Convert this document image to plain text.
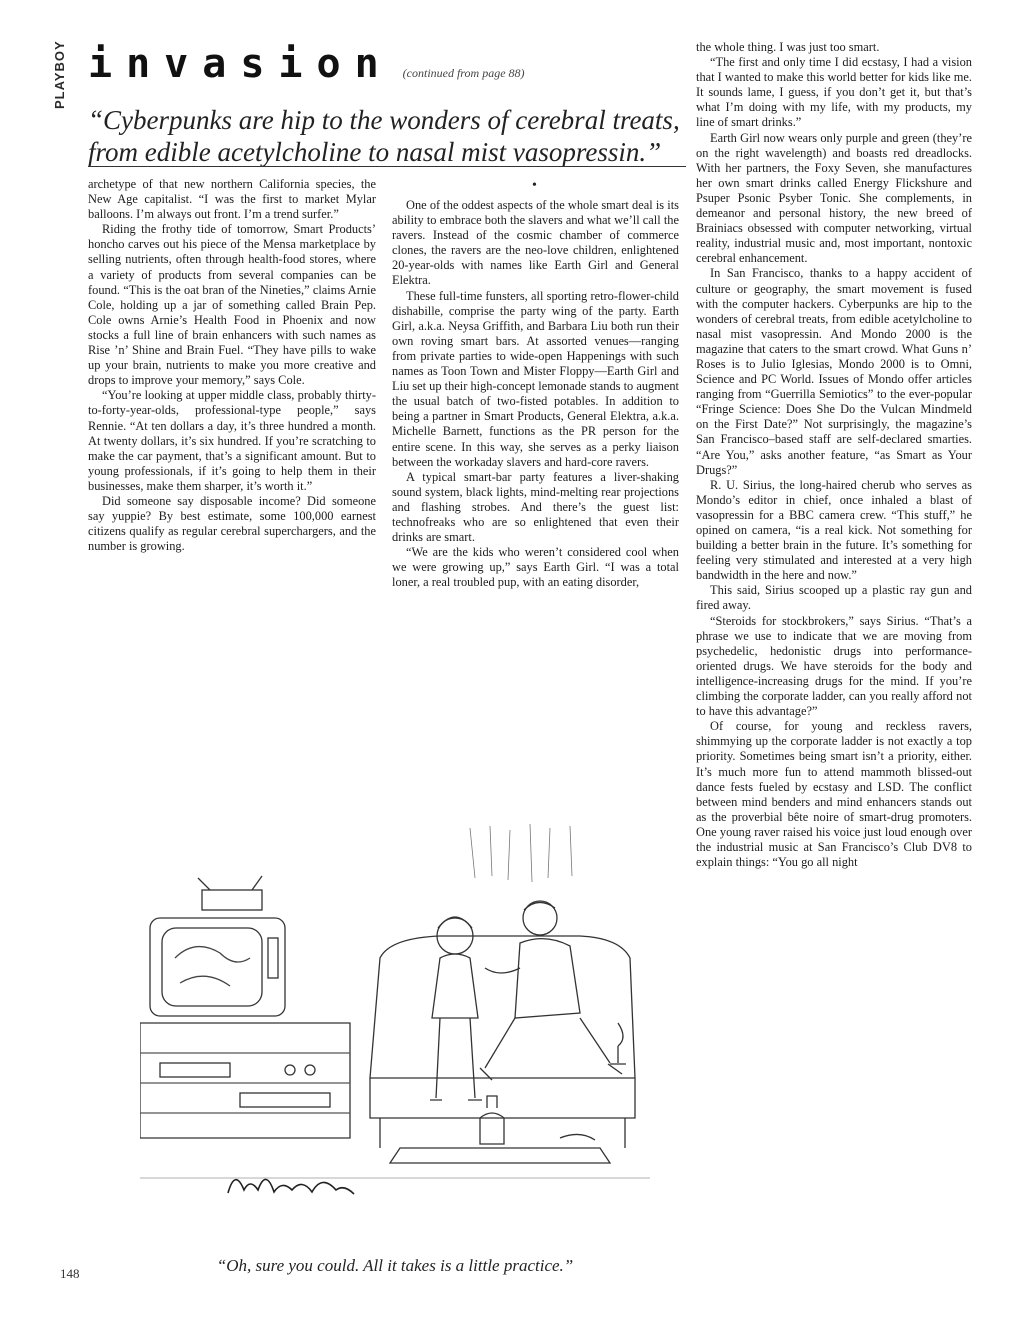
PLAYBOY invasion (continued from page 88)
“Cyberpunks are hip to the wonders of cerebral treats, from edible acetylcholine to nasal mist vasopressin.”

archetype of that new northern California species, the New Age capitalist. “I was the first to market Mylar balloons. I’m always out front. I’m a trend surfer.”

Riding the frothy tide of tomorrow, Smart Products’ honcho carves out his piece of the Mensa marketplace by selling nutrients, often through health-food stores, where a variety of products from several companies can be found. “This is the oat bran of the Nineties,” claims Arnie Cole, holding up a jar of something called Brain Pep. Cole owns Arnie’s Health Food in Phoenix and now stocks a full line of brain enhancers with such names as Rise ’n’ Shine and Brain Fuel. “They have pills to wake up your brain, nutrients to make you more creative and drops to improve your memory,” says Cole.

“You’re looking at upper middle class, probably thirty-to-forty-year-olds, professional-type people,” says Rennie. “At ten dollars a day, it’s three hundred a month. At twenty dollars, it’s six hundred. If you’re scratching to make the car payment, that’s a significant amount. But to young professionals, if it’s going to help them in their businesses, make them sharper, it’s worth it.”

Did someone say disposable income? Did someone say yuppie? By best estimate, some 100,000 earnest citizens qualify as regular cerebral superchargers, and the number is growing.

•

One of the oddest aspects of the whole smart deal is its ability to embrace both the slavers and what we’ll call the ravers. Instead of the cosmic chamber of commerce clones, the ravers are the neo-love children, enlightened 20-year-olds with names like Earth Girl and General Elektra.

These full-time funsters, all sporting retro-flower-child dishabille, comprise the party wing of the party. Earth Girl, a.k.a. Neysa Griffith, and Barbara Liu both run their own roving smart bars. At assorted venues—ranging from private parties to wide-open Happenings with such names as Toon Town and Mister Floppy—Earth Girl and Liu set up their high-concept lemonade stands to augment the usual batch of two-fisted potables. In addition to being a partner in Smart Products, General Elektra, a.k.a. Michelle Barnett, functions as the PR person for the entire scene. In this way, she serves as a perky liaison between the workaday slavers and hard-core ravers.

A typical smart-bar party features a liver-shaking sound system, black lights, mind-melting rear projections and flashing strobes. And there’s the guest list: technofreaks who are so enlightened that even their drinks are smart.

“We are the kids who weren’t considered cool when we were growing up,” says Earth Girl. “I was a total loner, a real troubled pup, with an eating disorder,

the whole thing. I was just too smart.

“The first and only time I did ecstasy, I had a vision that I wanted to make this world better for kids like me. It sounds lame, I guess, if you don’t get it, but that’s what I’m doing with my life, with my products, my line of smart drinks.”

Earth Girl now wears only purple and green (they’re on the right wavelength) and boasts red dreadlocks. With her partners, the Foxy Seven, she manufactures her own smart drinks called Energy Flickshure and Psuper Psonic Psyber Tonic. She complements, in demeanor and personal history, the new breed of Brainiacs obsessed with computer networking, virtual reality, industrial music and, most important, nontoxic cerebral enhancement.

In San Francisco, thanks to a happy accident of culture or geography, the smart movement is fused with the computer hackers. Cyberpunks are hip to the wonders of cerebral treats, from edible acetylcholine to nasal mist vasopressin. And Mondo 2000 is the magazine that caters to the smart crowd. What Guns n’ Roses is to Julio Iglesias, Mondo 2000 is to Omni, Science and PC World. Issues of Mondo offer articles ranging from “Guerrilla Semiotics” to the ever-popular “Fringe Science: Does She Do the Vulcan Mindmeld on the First Date?” Not surprisingly, the magazine’s San Francisco–based staff are self-declared smarties. “Are You,” asks another feature, “as Smart as Your Drugs?”

R. U. Sirius, the long-haired cherub who serves as Mondo’s editor in chief, once inhaled a blast of vasopressin for a BBC camera crew. “This stuff,” he opined on camera, “is a real kick. Not something for building a better brain in the future. It’s something for feeling very stimulated and interested at a very high bandwidth in the here and now.”

This said, Sirius scooped up a plastic ray gun and fired away.

“Steroids for stockbrokers,” says Sirius. “That’s a phrase we use to indicate that we are moving from psychedelic, hedonistic drugs into performance-oriented drugs. We have steroids for the body and intelligence-increasing drugs for the mind. If you’re climbing the corporate ladder, can you really afford not to have this advantage?”

Of course, for young and reckless ravers, shimmying up the corporate ladder is not exactly a top priority. Sometimes being smart isn’t a priority, either. It’s much more fun to attend mammoth blissed-out dance fests fueled by ecstasy and LSD. The conflict between mind benders and mind enhancers stands out as the proverbial bête noire of smart-drug promoters. One young raver raised his voice just loud enough over the industrial music at San Francisco’s Club DV8 to explain things: “You go all night

Hertzberg
“Oh, sure you could. All it takes is a little practice.”
148
